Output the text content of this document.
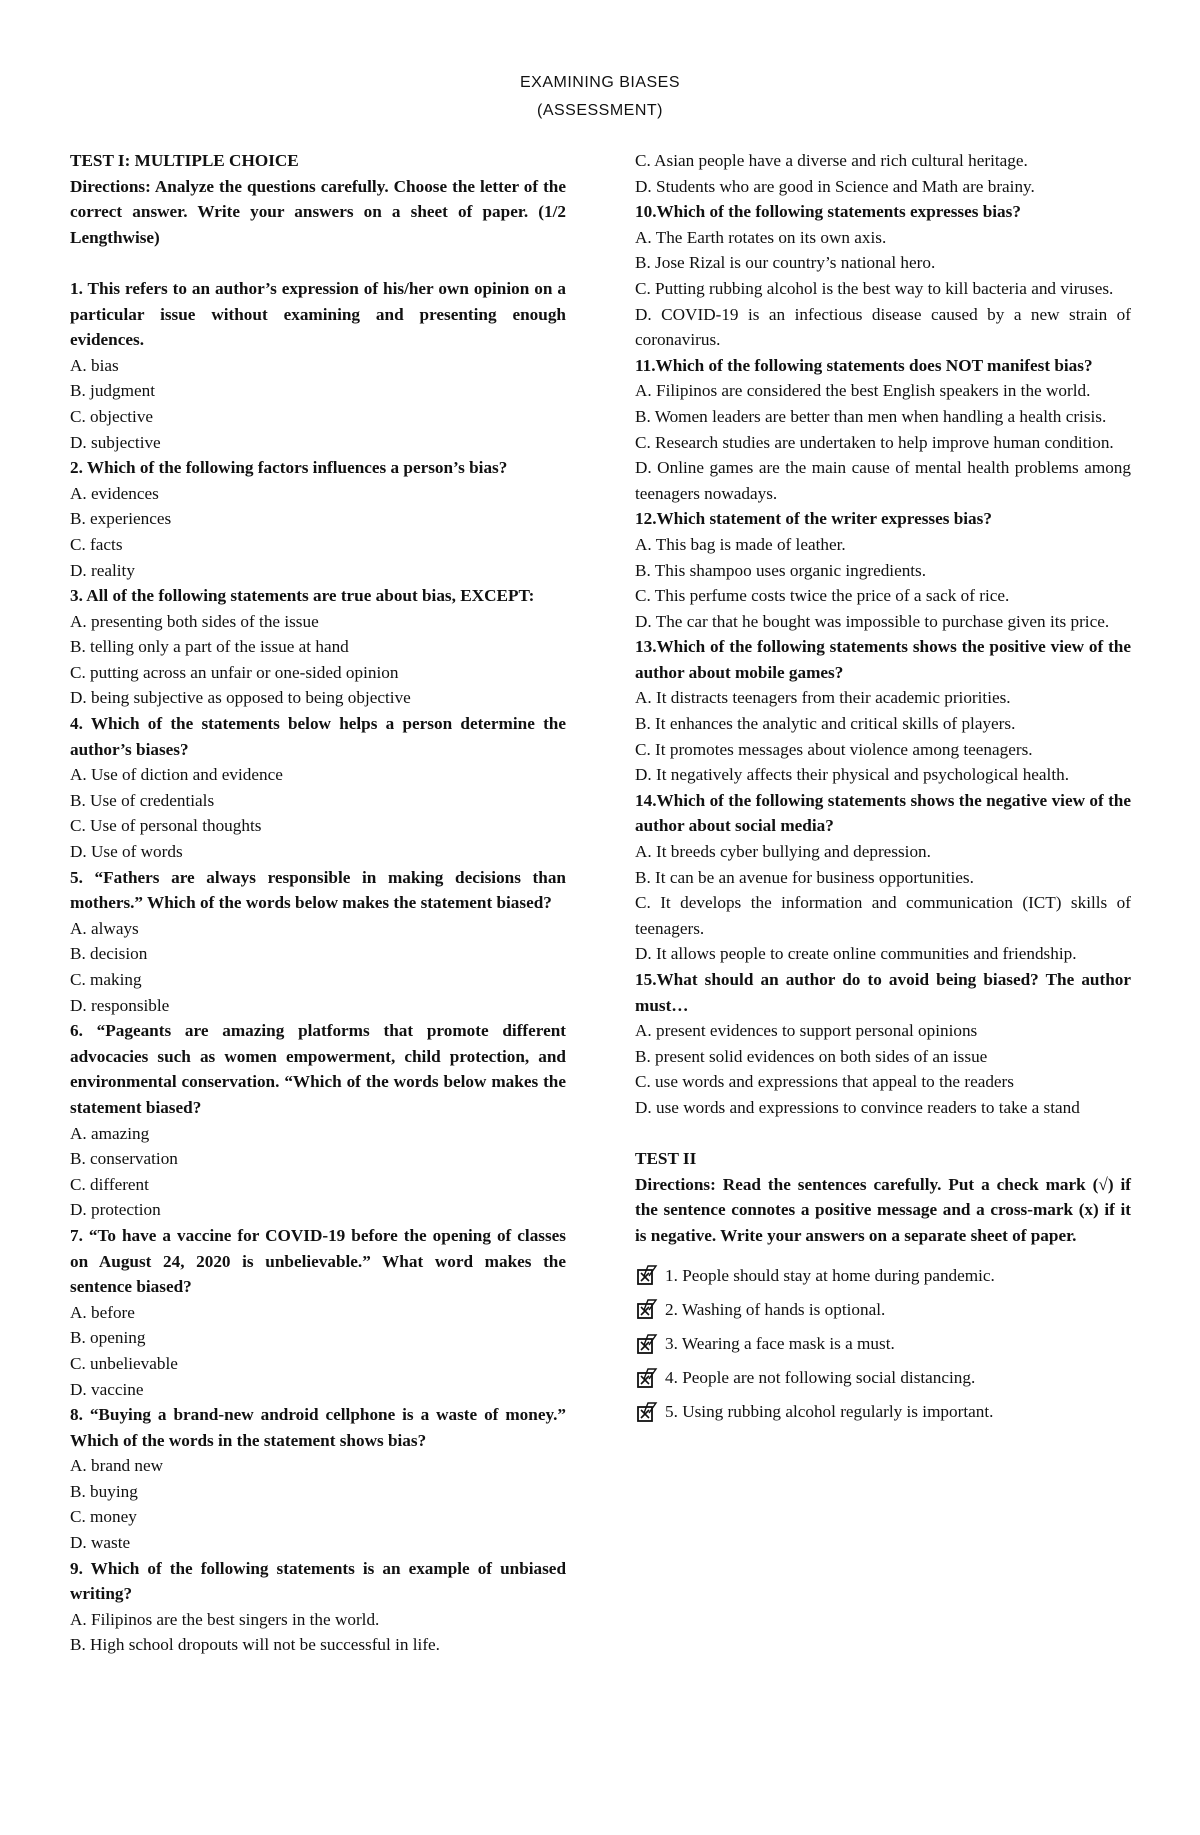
EXAMINING BIASES
(ASSESSMENT)
TEST I: MULTIPLE CHOICE
Directions: Analyze the questions carefully. Choose the letter of the correct answer. Write your answers on a sheet of paper. (1/2 Lengthwise)
1. This refers to an author’s expression of his/her own opinion on a particular issue without examining and presenting enough evidences.
A. bias
B. judgment
C. objective
D. subjective
2. Which of the following factors influences a person’s bias?
A. evidences
B. experiences
C. facts
D. reality
3. All of the following statements are true about bias, EXCEPT:
A. presenting both sides of the issue
B. telling only a part of the issue at hand
C. putting across an unfair or one-sided opinion
D. being subjective as opposed to being objective
4. Which of the statements below helps a person determine the author’s biases?
A. Use of diction and evidence
B. Use of credentials
C. Use of personal thoughts
D. Use of words
5. “Fathers are always responsible in making decisions than mothers.” Which of the words below makes the statement biased?
A. always
B. decision
C. making
D. responsible
6. “Pageants are amazing platforms that promote different advocacies such as women empowerment, child protection, and environmental conservation. “Which of the words below makes the statement biased?
A. amazing
B. conservation
C. different
D. protection
7. “To have a vaccine for COVID-19 before the opening of classes on August 24, 2020 is unbelievable.” What word makes the sentence biased?
A. before
B. opening
C. unbelievable
D. vaccine
8. “Buying a brand-new android cellphone is a waste of money.” Which of the words in the statement shows bias?
A. brand new
B. buying
C. money
D. waste
9. Which of the following statements is an example of unbiased writing?
A. Filipinos are the best singers in the world.
B. High school dropouts will not be successful in life.
C. Asian people have a diverse and rich cultural heritage.
D. Students who are good in Science and Math are brainy.
10.Which of the following statements expresses bias?
A. The Earth rotates on its own axis.
B. Jose Rizal is our country’s national hero.
C. Putting rubbing alcohol is the best way to kill bacteria and viruses.
D. COVID-19 is an infectious disease caused by a new strain of coronavirus.
11.Which of the following statements does NOT manifest bias?
A. Filipinos are considered the best English speakers in the world.
B. Women leaders are better than men when handling a health crisis.
C. Research studies are undertaken to help improve human condition.
D. Online games are the main cause of mental health problems among teenagers nowadays.
12.Which statement of the writer expresses bias?
A. This bag is made of leather.
B. This shampoo uses organic ingredients.
C. This perfume costs twice the price of a sack of rice.
D. The car that he bought was impossible to purchase given its price.
13.Which of the following statements shows the positive view of the author about mobile games?
A. It distracts teenagers from their academic priorities.
B. It enhances the analytic and critical skills of players.
C. It promotes messages about violence among teenagers.
D. It negatively affects their physical and psychological health.
14.Which of the following statements shows the negative view of the author about social media?
A. It breeds cyber bullying and depression.
B. It can be an avenue for business opportunities.
C. It develops the information and communication (ICT) skills of teenagers.
D. It allows people to create online communities and friendship.
15.What should an author do to avoid being biased? The author must…
A. present evidences to support personal opinions
B. present solid evidences on both sides of an issue
C. use words and expressions that appeal to the readers
D. use words and expressions to convince readers to take a stand
TEST II
Directions: Read the sentences carefully. Put a check mark (√) if the sentence connotes a positive message and a cross-mark (x) if it is negative. Write your answers on a separate sheet of paper.
1. People should stay at home during pandemic.
2. Washing of hands is optional.
3. Wearing a face mask is a must.
4. People are not following social distancing.
5. Using rubbing alcohol regularly is important.
